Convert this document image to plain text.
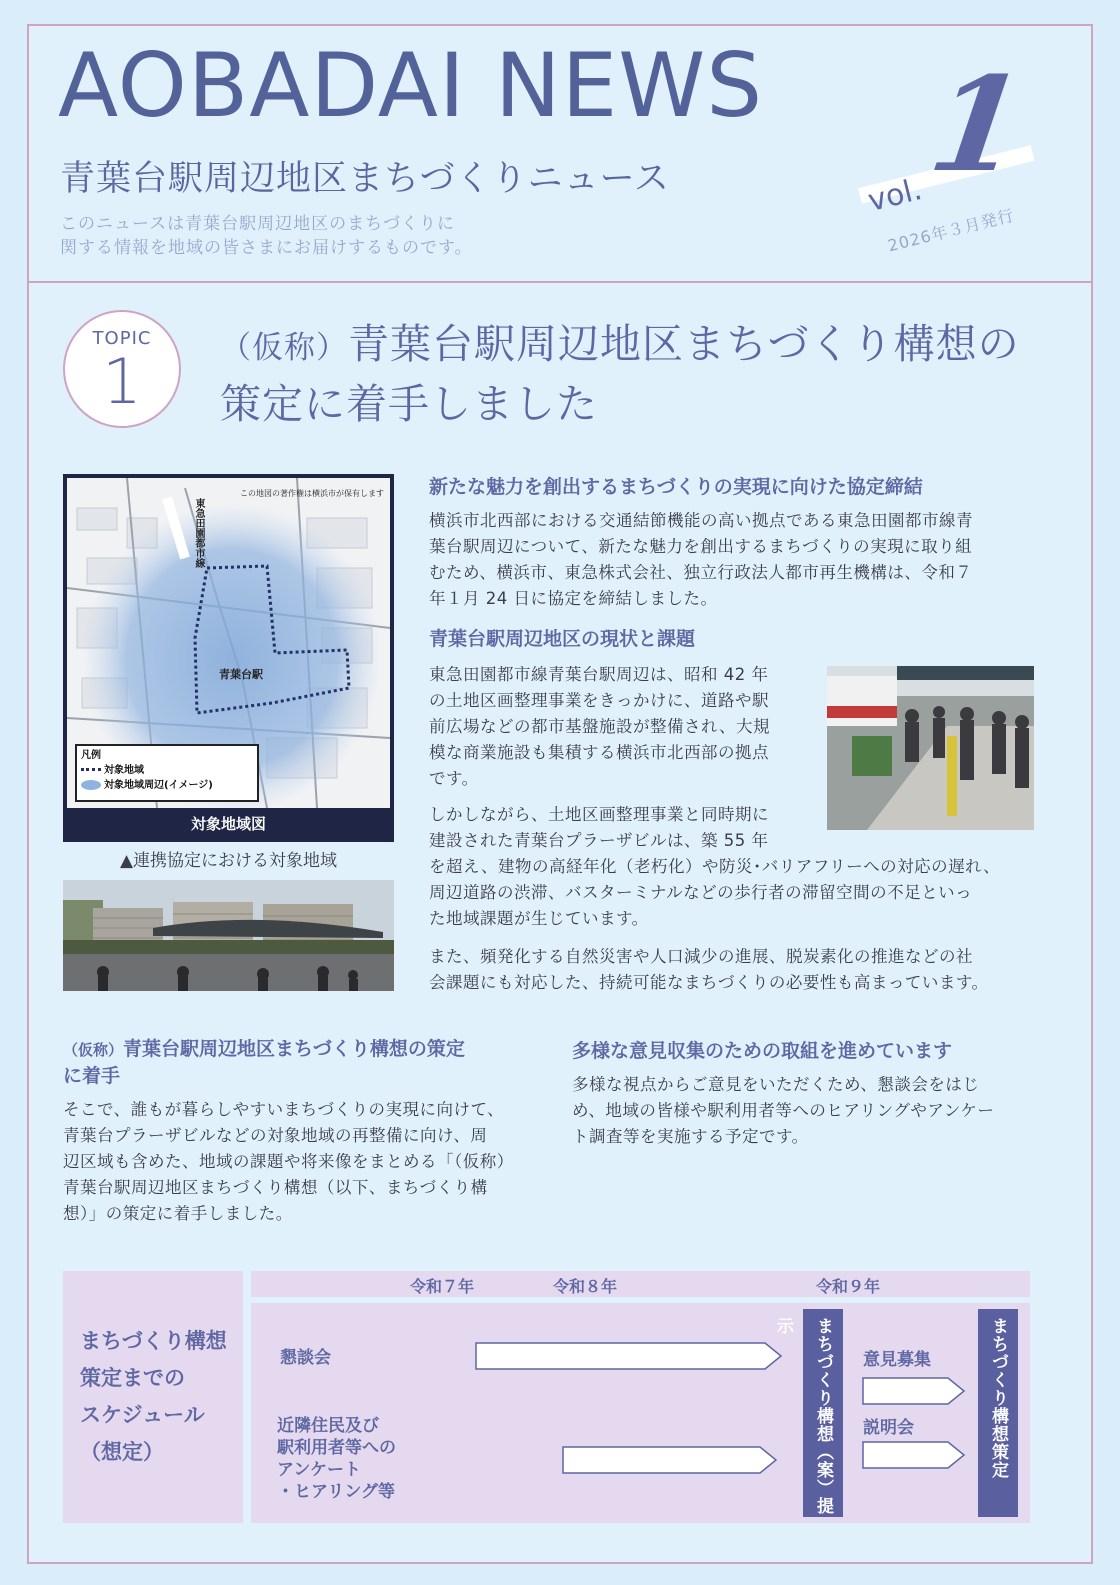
AOBADAI NEWS
青葉台駅周辺地区まちづくりニュース
このニュースは青葉台駅周辺地区のまちづくりに
関する情報を地域の皆さまにお届けするものです。
1
vol.
2026年３月発行
TOPIC
1	（仮称）青葉台駅周辺地区まちづくり構想の
策定に着手しました
この地図の著作権は横浜市が保有します
東急田園都市線
青葉台駅
凡例
対象地域
対象地域周辺(イメージ)
対象地域図
▲連携協定における対象地域
新たな魅力を創出するまちづくりの実現に向けた協定締結
横浜市北西部における交通結節機能の高い拠点である東急田園都市線青
葉台駅周辺について、新たな魅力を創出するまちづくりの実現に取り組
むため、横浜市、東急株式会社、独立行政法人都市再生機構は、令和７
年１月 24 日に協定を締結しました。
青葉台駅周辺地区の現状と課題
東急田園都市線青葉台駅周辺は、昭和 42 年
の土地区画整理事業をきっかけに、道路や駅
前広場などの都市基盤施設が整備され、大規
模な商業施設も集積する横浜市北西部の拠点
です。
しかしながら、土地区画整理事業と同時期に
建設された青葉台プラーザビルは、築 55 年
を超え、建物の高経年化（老朽化）や防災･バリアフリーへの対応の遅れ、
周辺道路の渋滞、バスターミナルなどの歩行者の滞留空間の不足といっ
た地域課題が生じています。
また、頻発化する自然災害や人口減少の進展、脱炭素化の推進などの社
会課題にも対応した、持続可能なまちづくりの必要性も高まっています。
（仮称）青葉台駅周辺地区まちづくり構想の策定
に着手
そこで、誰もが暮らしやすいまちづくりの実現に向けて、
青葉台プラーザビルなどの対象地域の再整備に向け、周
辺区域も含めた、地域の課題や将来像をまとめる「（仮称）
青葉台駅周辺地区まちづくり構想（以下、まちづくり構
想）」の策定に着手しました。
多様な意見収集のための取組を進めています
多様な視点からご意見をいただくため、懇談会をはじ
め、地域の皆様や駅利用者等へのヒアリングやアンケー
ト調査等を実施する予定です。
まちづくり構想
策定までの
スケジュール
（想定）
令和７年	令和８年	令和９年
懇談会
近隣住民及び
駅利用者等への
アンケート
・ヒアリング等	まちづくり構想（案）提示
意見募集
説明会	まちづくり構想策定
